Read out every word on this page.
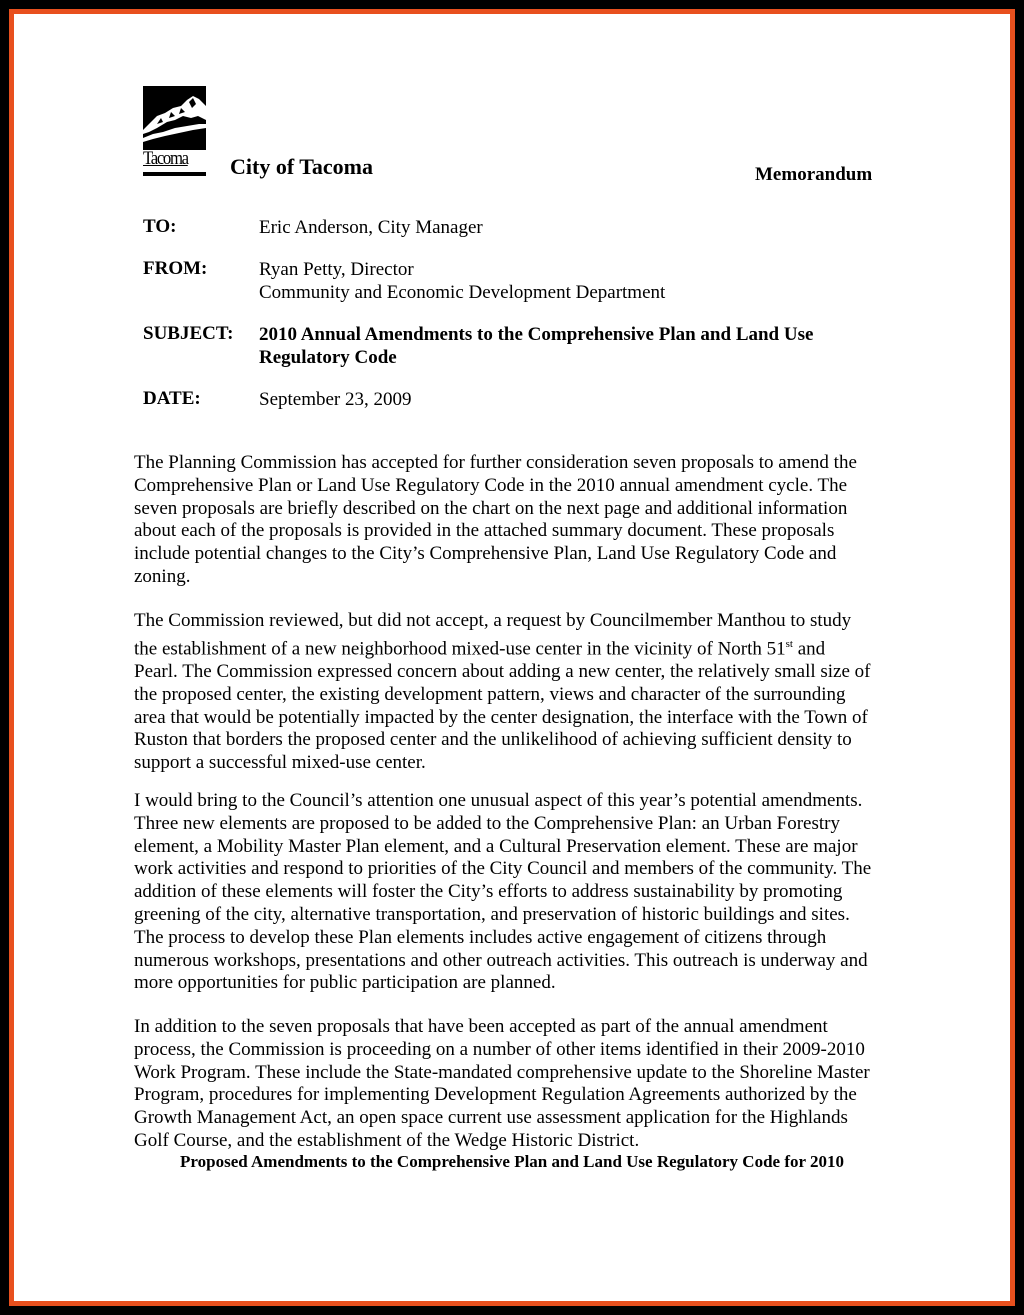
Tacoma	City of Tacoma	Memorandum
TO:	Eric Anderson, City Manager
FROM:	Ryan Petty, Director
Community and Economic Development Department
SUBJECT: 2010 Annual Amendments to the Comprehensive Plan and Land Use
Regulatory Code
DATE:	September 23, 2009
The Planning Commission has accepted for further consideration seven proposals to amend the
Comprehensive Plan or Land Use Regulatory Code in the 2010 annual amendment cycle. The
seven proposals are briefly described on the chart on the next page and additional information
about each of the proposals is provided in the attached summary document. These proposals
include potential changes to the City’s Comprehensive Plan, Land Use Regulatory Code and
zoning.
The Commission reviewed, but did not accept, a request by Councilmember Manthou to study
the establishment of a new neighborhood mixed-use center in the vicinity of North 51st and
Pearl. The Commission expressed concern about adding a new center, the relatively small size of
the proposed center, the existing development pattern, views and character of the surrounding
area that would be potentially impacted by the center designation, the interface with the Town of
Ruston that borders the proposed center and the unlikelihood of achieving sufficient density to
support a successful mixed-use center.
I would bring to the Council’s attention one unusual aspect of this year’s potential amendments.
Three new elements are proposed to be added to the Comprehensive Plan: an Urban Forestry
element, a Mobility Master Plan element, and a Cultural Preservation element. These are major
work activities and respond to priorities of the City Council and members of the community. The
addition of these elements will foster the City’s efforts to address sustainability by promoting
greening of the city, alternative transportation, and preservation of historic buildings and sites.
The process to develop these Plan elements includes active engagement of citizens through
numerous workshops, presentations and other outreach activities. This outreach is underway and
more opportunities for public participation are planned.
In addition to the seven proposals that have been accepted as part of the annual amendment
process, the Commission is proceeding on a number of other items identified in their 2009-2010
Work Program. These include the State-mandated comprehensive update to the Shoreline Master
Program, procedures for implementing Development Regulation Agreements authorized by the
Growth Management Act, an open space current use assessment application for the Highlands
Golf Course, and the establishment of the Wedge Historic District.
Proposed Amendments to the Comprehensive Plan and Land Use Regulatory Code for 2010
